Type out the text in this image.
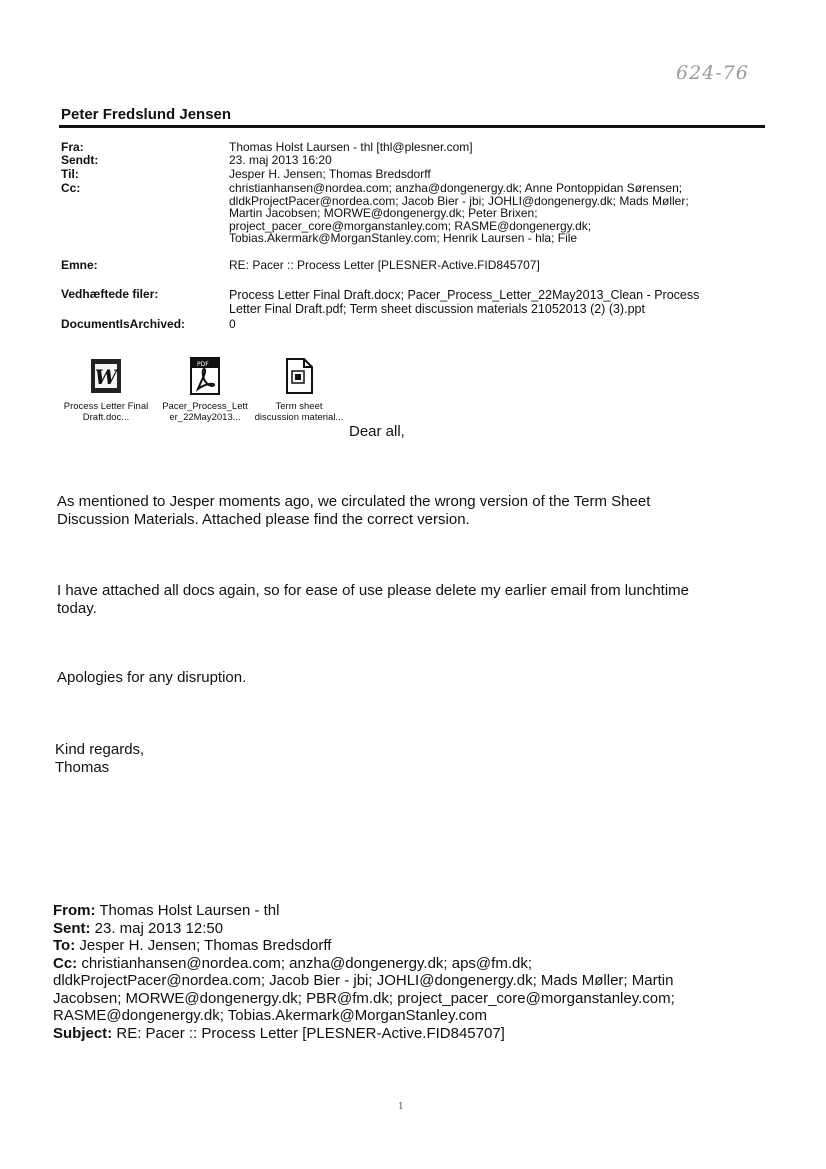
624-76
Peter Fredslund Jensen
Fra:
Sendt:
Til:
Cc:
Emne:
Vedhæftede filer:
DocumentIsArchived:
Thomas Holst Laursen - thl [thl@plesner.com]
23. maj 2013 16:20
Jesper H. Jensen; Thomas Bredsdorff
christianhansen@nordea.com; anzha@dongenergy.dk; Anne Pontoppidan Sørensen;
dldkProjectPacer@nordea.com; Jacob Bier - jbi; JOHLI@dongenergy.dk; Mads Møller;
Martin Jacobsen; MORWE@dongenergy.dk; Peter Brixen;
project_pacer_core@morganstanley.com; RASME@dongenergy.dk;
Tobias.Akermark@MorganStanley.com; Henrik Laursen - hla; File
RE: Pacer :: Process Letter [PLESNER-Active.FID845707]
Process Letter Final Draft.docx; Pacer_Process_Letter_22May2013_Clean - Process
Letter Final Draft.pdf; Term sheet discussion materials 21052013 (2) (3).ppt
0
W
Process Letter Final
Draft.doc...
PDF
Pacer_Process_Lett
er_22May2013...
Term sheet
discussion material...
Dear all,
As mentioned to Jesper moments ago, we circulated the wrong version of the Term Sheet
Discussion Materials. Attached please find the correct version.
I have attached all docs again, so for ease of use please delete my earlier email from lunchtime
today.
Apologies for any disruption.
Kind regards,
Thomas
From: Thomas Holst Laursen - thl
Sent: 23. maj 2013 12:50
To: Jesper H. Jensen; Thomas Bredsdorff
Cc: christianhansen@nordea.com; anzha@dongenergy.dk; aps@fm.dk;
dldkProjectPacer@nordea.com; Jacob Bier - jbi; JOHLI@dongenergy.dk; Mads Møller; Martin
Jacobsen; MORWE@dongenergy.dk; PBR@fm.dk; project_pacer_core@morganstanley.com;
RASME@dongenergy.dk; Tobias.Akermark@MorganStanley.com
Subject: RE: Pacer :: Process Letter [PLESNER-Active.FID845707]
1
